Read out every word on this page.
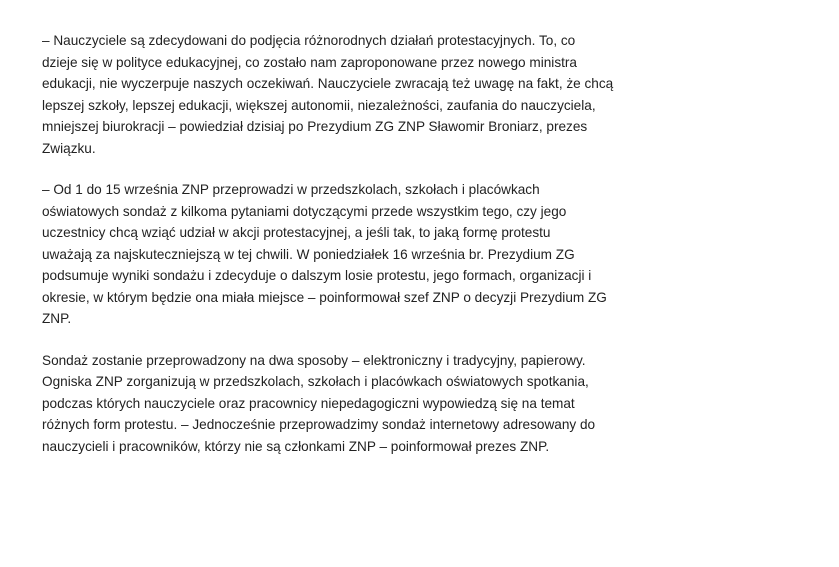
– Nauczyciele są zdecydowani do podjęcia różnorodnych działań protestacyjnych. To, co
dzieje się w polityce edukacyjnej, co zostało nam zaproponowane przez nowego ministra
edukacji, nie wyczerpuje naszych oczekiwań. Nauczyciele zwracają też uwagę na fakt, że chcą
lepszej szkoły, lepszej edukacji, większej autonomii, niezależności, zaufania do nauczyciela,
mniejszej biurokracji – powiedział dzisiaj po Prezydium ZG ZNP Sławomir Broniarz, prezes
Związku.

– Od 1 do 15 września ZNP przeprowadzi w przedszkolach, szkołach i placówkach
oświatowych sondaż z kilkoma pytaniami dotyczącymi przede wszystkim tego, czy jego
uczestnicy chcą wziąć udział w akcji protestacyjnej, a jeśli tak, to jaką formę protestu
uważają za najskuteczniejszą w tej chwili. W poniedziałek 16 września br. Prezydium ZG
podsumuje wyniki sondażu i zdecyduje o dalszym losie protestu, jego formach, organizacji i
okresie, w którym będzie ona miała miejsce – poinformował szef ZNP o decyzji Prezydium ZG
ZNP.

Sondaż zostanie przeprowadzony na dwa sposoby – elektroniczny i tradycyjny, papierowy.
Ogniska ZNP zorganizują w przedszkolach, szkołach i placówkach oświatowych spotkania,
podczas których nauczyciele oraz pracownicy niepedagogiczni wypowiedzą się na temat
różnych form protestu. – Jednocześnie przeprowadzimy sondaż internetowy adresowany do
nauczycieli i pracowników, którzy nie są członkami ZNP – poinformował prezes ZNP.
